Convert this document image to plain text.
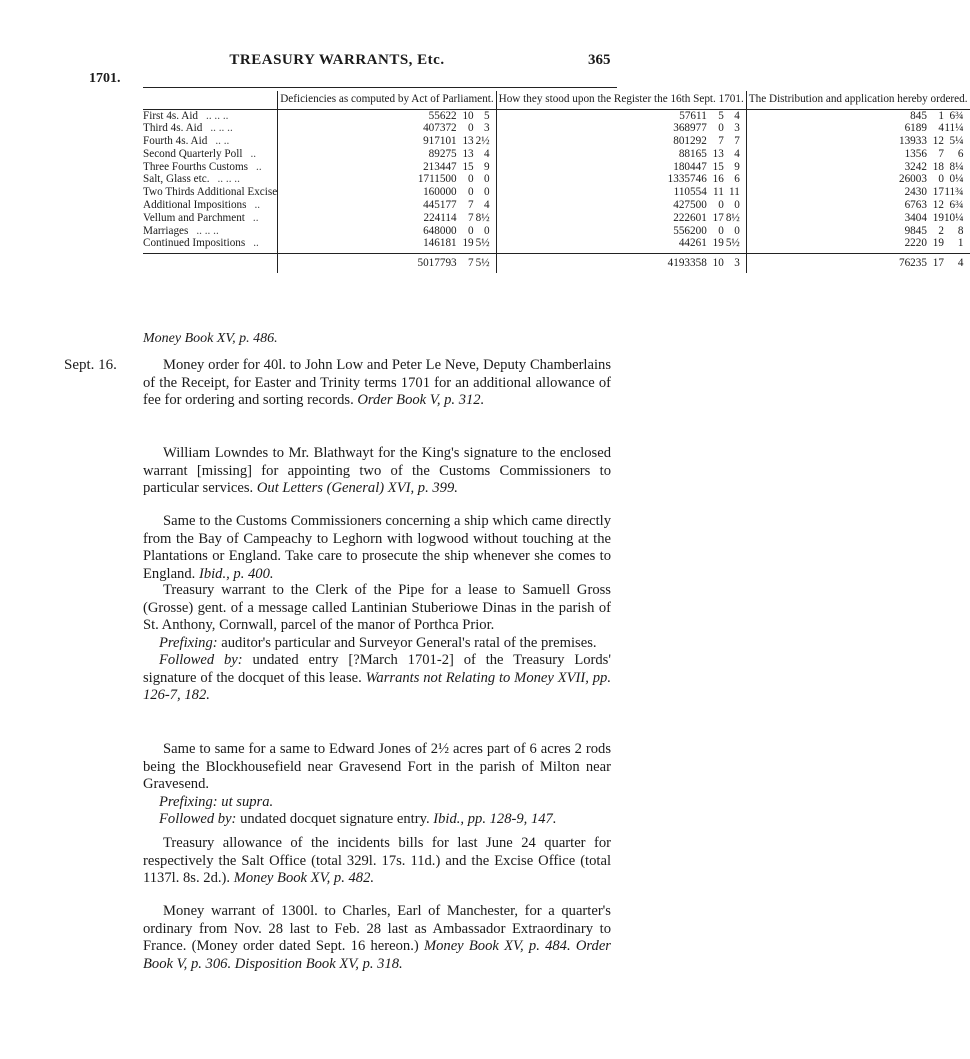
1701.
TREASURY WARRANTS, Etc.	365
	Deficiencies as computed by Act of Parliament.				How they stood upon the Register the 16th Sept. 1701.				The Distribution and application hereby ordered.			
First 4s. Aid .. .. ..	55622	10	5		57611	5	4		845	1	6¾	
Third 4s. Aid .. .. ..	407372	0	3		368977	0	3		6189	4	11¼	
Fourth 4s. Aid .. ..	917101	13	2½		801292	7	7		13933	12	5¼	
Second Quarterly Poll ..	89275	13	4		88165	13	4		1356	7	6	
Three Fourths Customs ..	213447	15	9		180447	15	9		3242	18	8¼	
Salt, Glass etc. .. .. ..	1711500	0	0		1335746	16	6		26003	0	0¼	
Two Thirds Additional Excise	160000	0	0		110554	11	11		2430	17	11¾	
Additional Impositions ..	445177	7	4		427500	0	0		6763	12	6¾	
Vellum and Parchment ..	224114	7	8½		222601	17	8½		3404	19	10¼	
Marriages .. .. ..	648000	0	0		556200	0	0		9845	2	8	
Continued Impositions ..	146181	19	5½		44261	19	5½		2220	19	1	
	5017793	7	5½		4193358	10	3		76235	17	4	
Money Book XV, p. 486.
Sept. 16.	Money order for 40l. to John Low and Peter Le Neve, Deputy Chamberlains of the Receipt, for Easter and Trinity terms 1701 for an additional allowance of fee for ordering and sorting records. Order Book V, p. 312.

William Lowndes to Mr. Blathwayt for the King's signature to the enclosed warrant [missing] for appointing two of the Customs Commissioners to particular services. Out Letters (General) XVI, p. 399.

Same to the Customs Commissioners concerning a ship which came directly from the Bay of Campeachy to Leghorn with logwood without touching at the Plantations or England. Take care to prosecute the ship whenever she comes to England. Ibid., p. 400.

Treasury warrant to the Clerk of the Pipe for a lease to Samuell Gross (Grosse) gent. of a message called Lantinian Stuberiowe Dinas in the parish of St. Anthony, Cornwall, parcel of the manor of Porthca Prior.

Prefixing: auditor's particular and Surveyor General's ratal of the premises.

Followed by: undated entry [?March 1701-2] of the Treasury Lords' signature of the docquet of this lease. Warrants not Relating to Money XVII, pp. 126-7, 182.

Same to same for a same to Edward Jones of 2½ acres part of 6 acres 2 rods being the Blockhousefield near Gravesend Fort in the parish of Milton near Gravesend.

Prefixing: ut supra.

Followed by: undated docquet signature entry. Ibid., pp. 128-9, 147.

Treasury allowance of the incidents bills for last June 24 quarter for respectively the Salt Office (total 329l. 17s. 11d.) and the Excise Office (total 1137l. 8s. 2d.). Money Book XV, p. 482.

Money warrant of 1300l. to Charles, Earl of Manchester, for a quarter's ordinary from Nov. 28 last to Feb. 28 last as Ambassador Extraordinary to France. (Money order dated Sept. 16 hereon.) Money Book XV, p. 484. Order Book V, p. 306. Disposition Book XV, p. 318.
